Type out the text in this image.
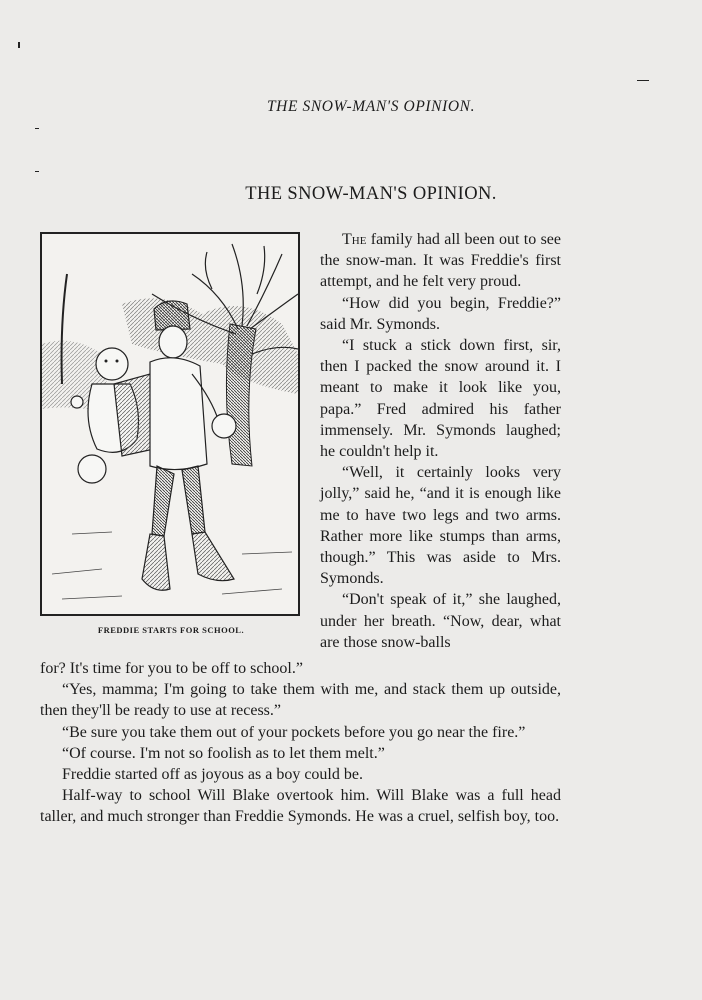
THE SNOW-MAN'S OPINION.
THE SNOW-MAN'S OPINION.
FREDDIE STARTS FOR SCHOOL.

The family had all been out to see the snow-man. It was Freddie's first attempt, and he felt very proud.

“How did you begin, Freddie?” said Mr. Symonds.

“I stuck a stick down first, sir, then I packed the snow around it. I meant to make it look like you, papa.” Fred admired his father immensely. Mr. Symonds laughed; he couldn't help it.

“Well, it certainly looks very jolly,” said he, “and it is enough like me to have two legs and two arms. Rather more like stumps than arms, though.” This was aside to Mrs. Symonds.

“Don't speak of it,” she laughed, under her breath. “Now, dear, what are those snow-balls

for? It's time for you to be off to school.”

“Yes, mamma; I'm going to take them with me, and stack them up outside, then they'll be ready to use at recess.”

“Be sure you take them out of your pockets before you go near the fire.”

“Of course. I'm not so foolish as to let them melt.”

Freddie started off as joyous as a boy could be.

Half-way to school Will Blake overtook him. Will Blake was a full head taller, and much stronger than Freddie Symonds. He was a cruel, selfish boy, too.
